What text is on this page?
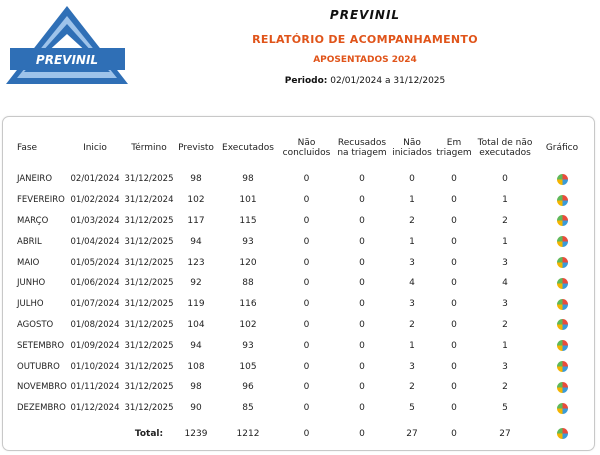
PREVINIL
PREVINIL
RELATÓRIO DE ACOMPANHAMENTO
APOSENTADOS 2024
Periodo: 02/01/2024 a 31/12/2025
Fase	Inicio	Término	Previsto	Executados	Não concluidos	Recusados na triagem	Não iniciados	Em triagem	Total de não executados	Gráfico
JANEIRO	02/01/2024	31/12/2025	98	98	0	0	0	0	0	
FEVEREIRO	01/02/2024	31/12/2024	102	101	0	0	1	0	1	
MARÇO	01/03/2024	31/12/2025	117	115	0	0	2	0	2	
ABRIL	01/04/2024	31/12/2025	94	93	0	0	1	0	1	
MAIO	01/05/2024	31/12/2025	123	120	0	0	3	0	3	
JUNHO	01/06/2024	31/12/2025	92	88	0	0	4	0	4	
JULHO	01/07/2024	31/12/2025	119	116	0	0	3	0	3	
AGOSTO	01/08/2024	31/12/2025	104	102	0	0	2	0	2	
SETEMBRO	01/09/2024	31/12/2025	94	93	0	0	1	0	1	
OUTUBRO	01/10/2024	31/12/2025	108	105	0	0	3	0	3	
NOVEMBRO	01/11/2024	31/12/2025	98	96	0	0	2	0	2	
DEZEMBRO	01/12/2024	31/12/2025	90	85	0	0	5	0	5	
		Total:	1239	1212	0	0	27	0	27	
